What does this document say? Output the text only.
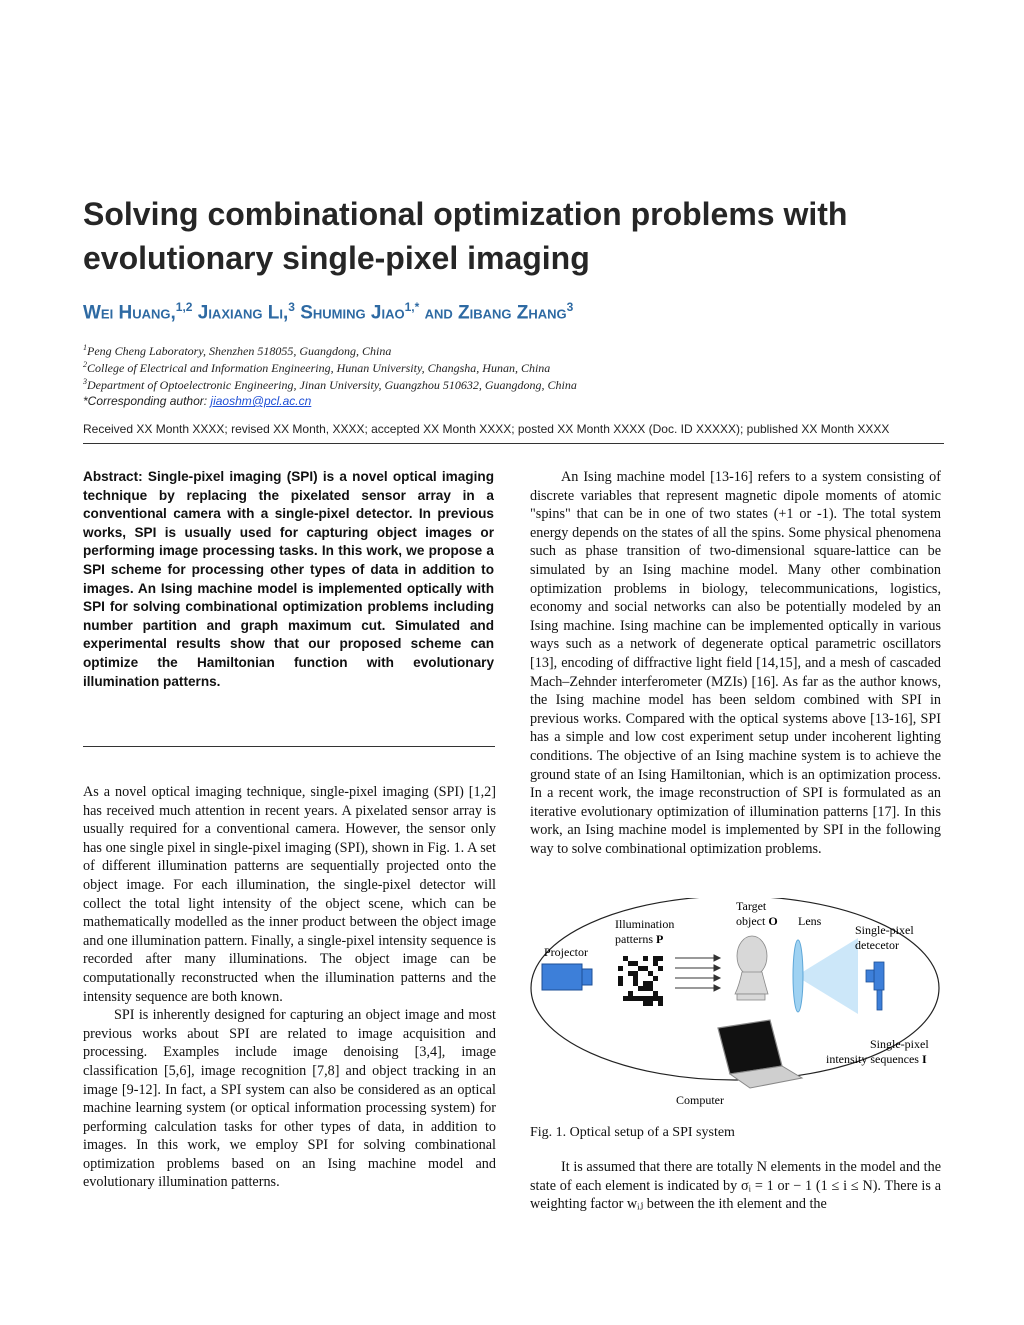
Solving combinational optimization problems with evolutionary single-pixel imaging
Wei Huang,$^{1,2}$ Jiaxiang Li,$^3$ Shuming Jiao$^{1,*}$ and Zibang Zhang$^3$
$^1$Peng Cheng Laboratory, Shenzhen 518055, Guangdong, China
$^2$College of Electrical and Information Engineering, Hunan University, Changsha, Hunan, China
$^3$Department of Optoelectronic Engineering, Jinan University, Guangzhou 510632, Guangdong, China
*Corresponding author: jiaoshm@pcl.ac.cn
Received XX Month XXXX; revised XX Month, XXXX; accepted XX Month XXXX; posted XX Month XXXX (Doc. ID XXXXX); published XX Month XXXX
Abstract: Single-pixel imaging (SPI) is a novel optical imaging technique by replacing the pixelated sensor array in a conventional camera with a single-pixel detector. In previous works, SPI is usually used for capturing object images or performing image processing tasks. In this work, we propose a SPI scheme for processing other types of data in addition to images. An Ising machine model is implemented optically with SPI for solving combinational optimization problems including number partition and graph maximum cut. Simulated and experimental results show that our proposed scheme can optimize the Hamiltonian function with evolutionary illumination patterns.

As a novel optical imaging technique, single-pixel imaging (SPI) [1,2] has received much attention in recent years. A pixelated sensor array is usually required for a conventional camera. However, the sensor only has one single pixel in single-pixel imaging (SPI), shown in Fig. 1. A set of different illumination patterns are sequentially projected onto the object image. For each illumination, the single-pixel detector will collect the total light intensity of the object scene, which can be mathematically modelled as the inner product between the object image and one illumination pattern. Finally, a single-pixel intensity sequence is recorded after many illuminations. The object image can be computationally reconstructed when the illumination patterns and the intensity sequence are both known.

SPI is inherently designed for capturing an object image and most previous works about SPI are related to image acquisition and processing. Examples include image denoising [3,4], image classification [5,6], image recognition [7,8] and object tracking in an image [9-12]. In fact, a SPI system can also be considered as an optical machine learning system (or optical information processing system) for performing calculation tasks for other types of data, in addition to images. In this work, we employ SPI for solving combinational optimization problems based on an Ising machine model and evolutionary illumination patterns.

An Ising machine model [13-16] refers to a system consisting of discrete variables that represent magnetic dipole moments of atomic "spins" that can be in one of two states (+1 or -1). The total system energy depends on the states of all the spins. Some physical phenomena such as phase transition of two-dimensional square-lattice can be simulated by an Ising machine model. Many other combination optimization problems in biology, telecommunications, logistics, economy and social networks can also be potentially modeled by an Ising machine. Ising machine can be implemented optically in various ways such as a network of degenerate optical parametric oscillators [13], encoding of diffractive light field [14,15], and a mesh of cascaded Mach–Zehnder interferometer (MZIs) [16]. As far as the author knows, the Ising machine model has been seldom combined with SPI in previous works. Compared with the optical systems above [13-16], SPI has a simple and low cost experiment setup under incoherent lighting conditions. The objective of an Ising machine system is to achieve the ground state of an Ising Hamiltonian, which is an optimization process. In a recent work, the image reconstruction of SPI is formulated as an iterative evolutionary optimization of illumination patterns [17]. In this work, an Ising machine model is implemented by SPI in the following way to solve combinational optimization problems.

Projector
Illumination
patterns P
Target
object O Lens
Single-pixel
detecetor
Computer
Single-pixel
intensity sequences I
Fig. 1. Optical setup of a SPI system

It is assumed that there are totally N elements in the model and the state of each element is indicated by σᵢ = 1 or − 1 (1 ≤ i ≤ N). There is a weighting factor wᵢⱼ between the ith element and the
